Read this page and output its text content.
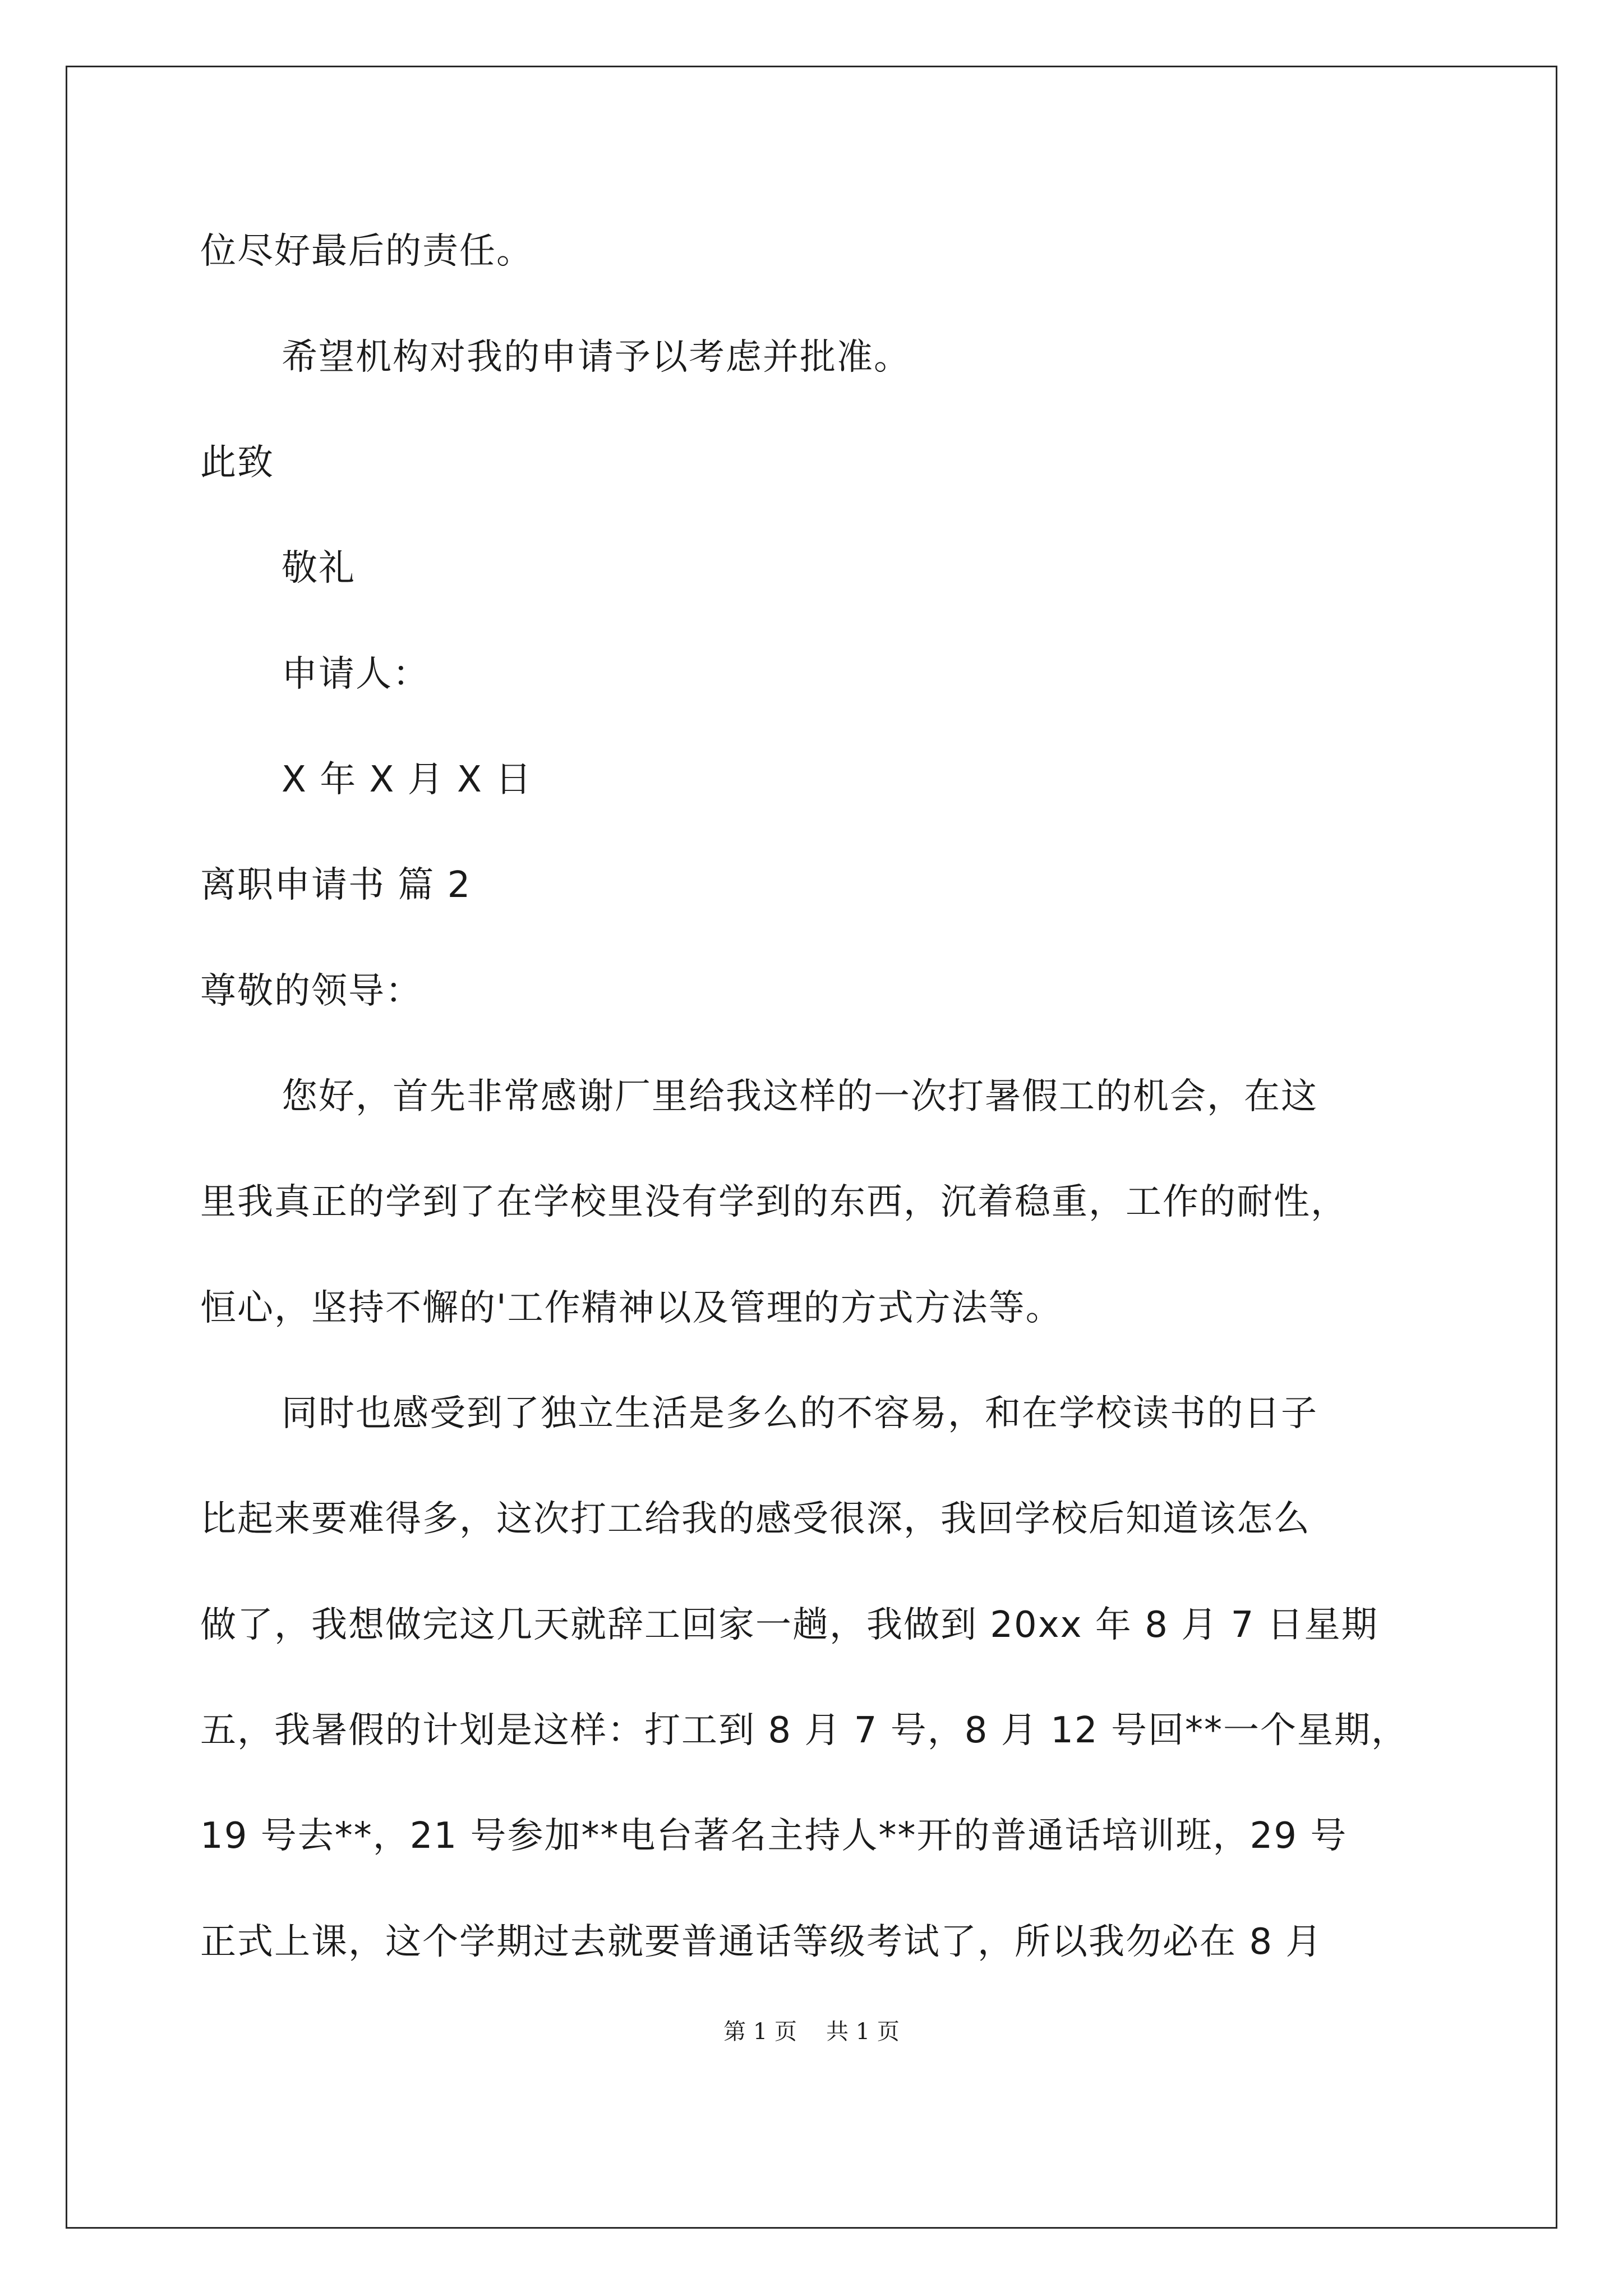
位尽好最后的责任。
希望机构对我的申请予以考虑并批准。
此致
敬礼
申请人：
X 年 X 月 X 日
离职申请书 篇 2
尊敬的领导：
您好，首先非常感谢厂里给我这样的一次打暑假工的机会，在这
里我真正的学到了在学校里没有学到的东西，沉着稳重，工作的耐性，
恒心，坚持不懈的'工作精神以及管理的方式方法等。
同时也感受到了独立生活是多么的不容易，和在学校读书的日子
比起来要难得多，这次打工给我的感受很深，我回学校后知道该怎么
做了，我想做完这几天就辞工回家一趟，我做到 20xx 年 8 月 7 日星期
五，我暑假的计划是这样：打工到 8 月 7 号，8 月 12 号回**一个星期，
19 号去**，21 号参加**电台著名主持人**开的普通话培训班，29 号
正式上课，这个学期过去就要普通话等级考试了，所以我勿必在 8 月
第 1 页 共 1 页
